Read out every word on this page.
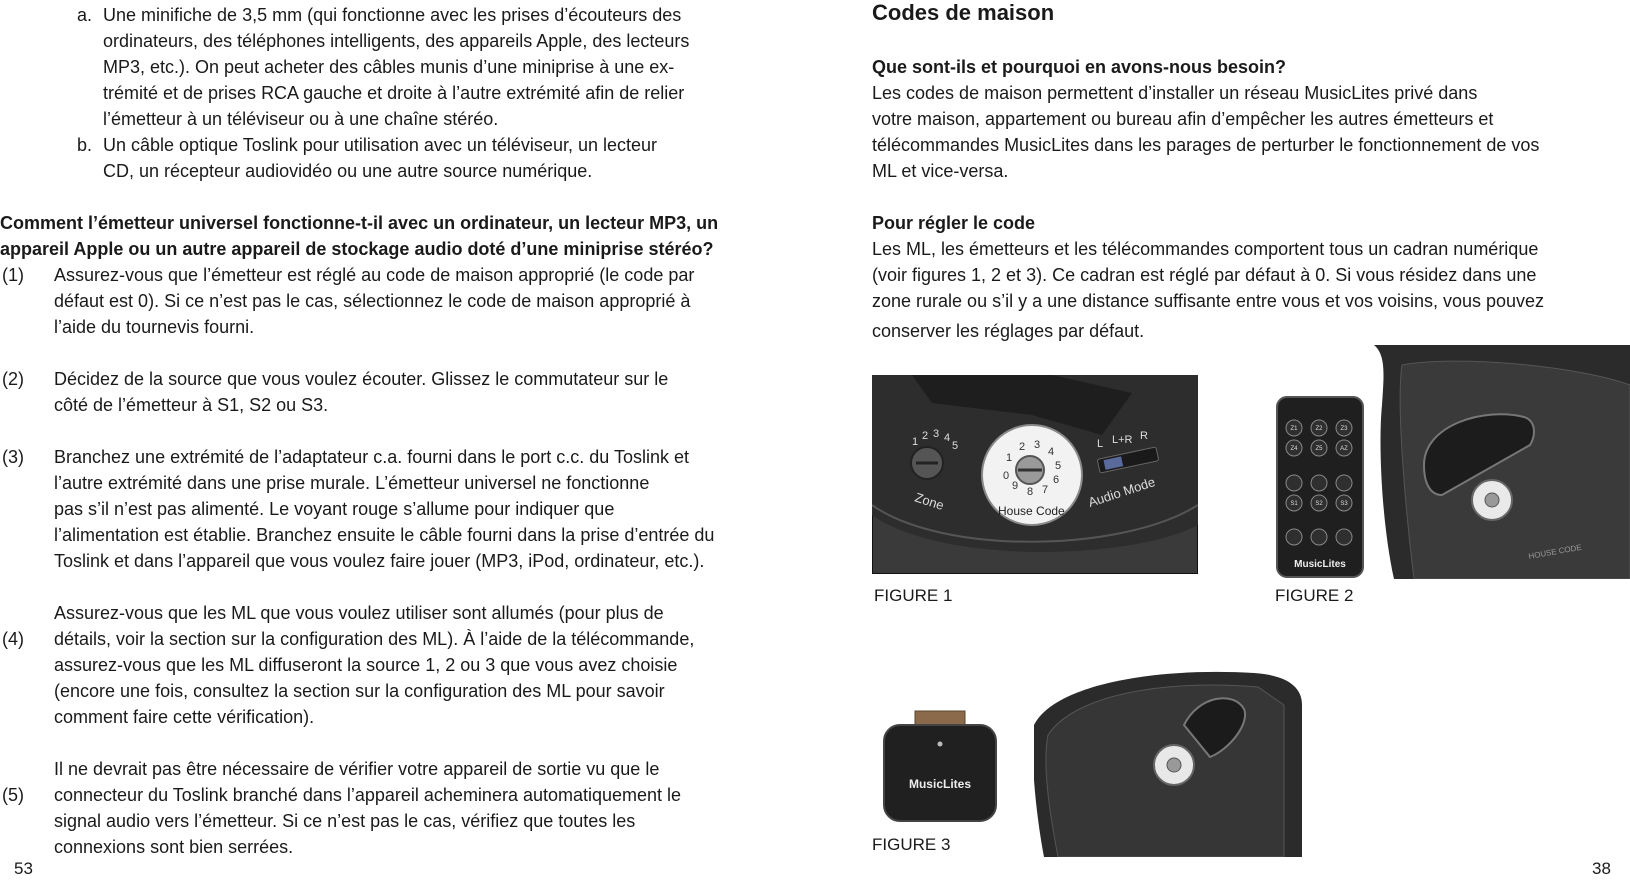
a. Une minifiche de 3,5 mm (qui fonctionne avec les prises d’écouteurs des
ordinateurs, des téléphones intelligents, des appareils Apple, des lecteurs
MP3, etc.). On peut acheter des câbles munis d’une miniprise à une ex-
trémité et de prises RCA gauche et droite à l’autre extrémité afin de relier
l’émetteur à un téléviseur ou à une chaîne stéréo.
b. Un câble optique Toslink pour utilisation avec un téléviseur, un lecteur
CD, un récepteur audiovidéo ou une autre source numérique.
Comment l’émetteur universel fonctionne-t-il avec un ordinateur, un lecteur MP3, un
appareil Apple ou un autre appareil de stockage audio doté d’une miniprise stéréo?
(1) Assurez-vous que l’émetteur est réglé au code de maison approprié (le code par
défaut est 0). Si ce n’est pas le cas, sélectionnez le code de maison approprié à
l’aide du tournevis fourni.
(2) Décidez de la source que vous voulez écouter. Glissez le commutateur sur le
côté de l’émetteur à S1, S2 ou S3.
(3) Branchez une extrémité de l’adaptateur c.a. fourni dans le port c.c. du Toslink et
l’autre extrémité dans une prise murale. L’émetteur universel ne fonctionne
pas s’il n’est pas alimenté. Le voyant rouge s’allume pour indiquer que
l’alimentation est établie. Branchez ensuite le câble fourni dans la prise d’entrée du
Toslink et dans l’appareil que vous voulez faire jouer (MP3, iPod, ordinateur, etc.).
Assurez-vous que les ML que vous voulez utiliser sont allumés (pour plus de
(4) détails, voir la section sur la configuration des ML). À l’aide de la télécommande,
assurez-vous que les ML diffuseront la source 1, 2 ou 3 que vous avez choisie
(encore une fois, consultez la section sur la configuration des ML pour savoir
comment faire cette vérification).
Il ne devrait pas être nécessaire de vérifier votre appareil de sortie vu que le
(5) connecteur du Toslink branché dans l’appareil acheminera automatiquement le
signal audio vers l’émetteur. Si ce n’est pas le cas, vérifiez que toutes les
connexions sont bien serrées.
53
Codes de maison
Que sont-ils et pourquoi en avons-nous besoin?
Les codes de maison permettent d’installer un réseau MusicLites privé dans
votre maison, appartement ou bureau afin d’empêcher les autres émetteurs et
télécommandes MusicLites dans les parages de perturber le fonctionnement de vos
ML et vice-versa.
Pour régler le code
Les ML, les émetteurs et les télécommandes comportent tous un cadran numérique
(voir figures 1, 2 et 3). Ce cadran est réglé par défaut à 0. Si vous résidez dans une
zone rurale ou s’il y a une distance suffisante entre vous et vos voisins, vous pouvez
conserver les réglages par défaut.
1 2 3 4
5
Zone
0
1
2 3
4
5
6
7
8
9
House Code
L L+R R
Audio Mode
FIGURE 1
Z1	Z2	Z3
Z4	Z5	AZ
S1	S2	S3
MusicLites
HOUSE CODE
FIGURE 2
MusicLites
FIGURE 3
38
